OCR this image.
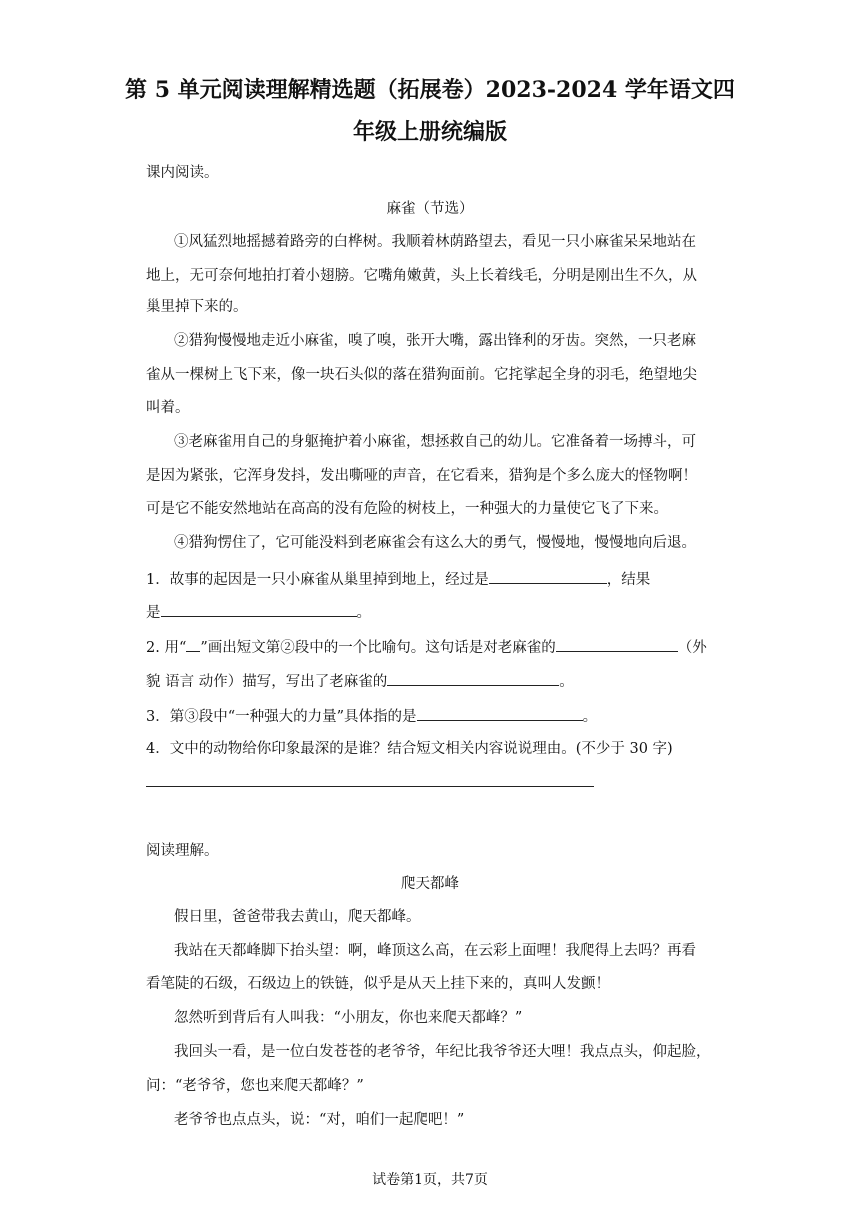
第 5 单元阅读理解精选题（拓展卷）2023-2024 学年语文四
年级上册统编版

课内阅读。

麻雀（节选）

①风猛烈地摇撼着路旁的白桦树。我顺着林荫路望去，看见一只小麻雀呆呆地站在

地上，无可奈何地拍打着小翅膀。它嘴角嫩黄，头上长着线毛，分明是刚出生不久，从

巢里掉下来的。

②猎狗慢慢地走近小麻雀，嗅了嗅，张开大嘴，露出锋利的牙齿。突然，一只老麻

雀从一棵树上飞下来，像一块石头似的落在猎狗面前。它挓挲起全身的羽毛，绝望地尖

叫着。

③老麻雀用自己的身躯掩护着小麻雀，想拯救自己的幼儿。它准备着一场搏斗，可

是因为紧张，它浑身发抖，发出嘶哑的声音，在它看来，猎狗是个多么庞大的怪物啊！

可是它不能安然地站在高高的没有危险的树枝上，一种强大的力量使它飞了下来。

④猎狗愣住了，它可能没料到老麻雀会有这么大的勇气，慢慢地，慢慢地向后退。

1．故事的起因是一只小麻雀从巢里掉到地上，经过是	，结果

是	。

2. 用“ ”画出短文第②段中的一个比喻句。这句话是对老麻雀的	（外

貌 语言 动作）描写，写出了老麻雀的	。

3．第③段中“一种强大的力量”具体指的是	。

4．文中的动物给你印象最深的是谁？结合短文相关内容说说理由。(不少于 30 字)

阅读理解。

爬天都峰

假日里，爸爸带我去黄山，爬天都峰。

我站在天都峰脚下抬头望：啊，峰顶这么高，在云彩上面哩！我爬得上去吗？再看

看笔陡的石级，石级边上的铁链，似乎是从天上挂下来的，真叫人发颤！

忽然听到背后有人叫我：“小朋友，你也来爬天都峰？”

我回头一看，是一位白发苍苍的老爷爷，年纪比我爷爷还大哩！我点点头，仰起脸，

问：“老爷爷，您也来爬天都峰？”

老爷爷也点点头，说：“对，咱们一起爬吧！”

试卷第1页，共7页
